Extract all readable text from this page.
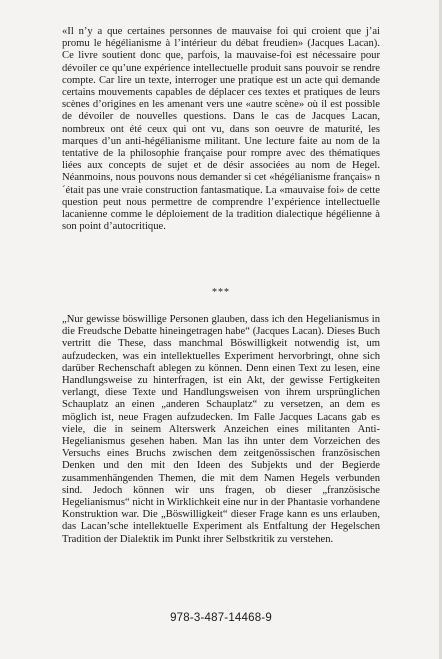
«Il n’y a que certaines personnes de mauvaise foi qui croient que j’ai promu le hégélianisme à l’intérieur du débat freudien» (Jacques Lacan). Ce livre soutient donc que, parfois, la mauvaise-foi est nécessaire pour dévoiler ce qu’une expérience intellectuelle produit sans pouvoir se rendre compte. Car lire un texte, interroger une pratique est un acte qui demande certains mouvements capables de déplacer ces textes et pratiques de leurs scènes d’origines en les amenant vers une «autre scène» où il est possible de dévoiler de nouvelles questions. Dans le cas de Jacques Lacan, nombreux ont été ceux qui ont vu, dans son oeuvre de maturité, les marques d’un anti-hégélianisme militant. Une lecture faite au nom de la tentative de la philosophie française pour rompre avec des thématiques liées aux concepts de sujet et de désir associées au nom de Hegel. Néanmoins, nous pouvons nous demander si cet «hégélianisme français» n´était pas une vraie construction fantasmatique. La «mauvaise foi» de cette question peut nous permettre de comprendre l’expérience intellectuelle lacanienne comme le déploiement de la tradition dialectique hégélienne à son point d’autocritique.

***

„Nur gewisse böswillige Personen glauben, dass ich den Hegelianismus in die Freudsche Debatte hineingetragen habe“ (Jacques Lacan). Dieses Buch vertritt die These, dass manchmal Böswilligkeit notwendig ist, um aufzudecken, was ein intellektuelles Experiment hervorbringt, ohne sich darüber Rechenschaft ablegen zu können. Denn einen Text zu lesen, eine Handlungsweise zu hinterfragen, ist ein Akt, der gewisse Fertigkeiten verlangt, diese Texte und Handlungsweisen von ihrem ursprünglichen Schauplatz an einen „anderen Schauplatz“ zu versetzen, an dem es möglich ist, neue Fragen aufzudecken. Im Falle Jacques Lacans gab es viele, die in seinem Alterswerk Anzeichen eines militanten Anti-Hegelianismus gesehen haben. Man las ihn unter dem Vorzeichen des Versuchs eines Bruchs zwischen dem zeitgenössischen französischen Denken und den mit den Ideen des Subjekts und der Begierde zusammenhängenden Themen, die mit dem Namen Hegels verbunden sind. Jedoch können wir uns fragen, ob dieser „französische Hegelianismus“ nicht in Wirklichkeit eine nur in der Phantasie vorhandene Konstruktion war. Die „Böswilligkeit“ dieser Frage kann es uns erlauben, das Lacan’sche intellektuelle Experiment als Entfaltung der Hegelschen Tradition der Dialektik im Punkt ihrer Selbstkritik zu verstehen.

978-3-487-14468-9
